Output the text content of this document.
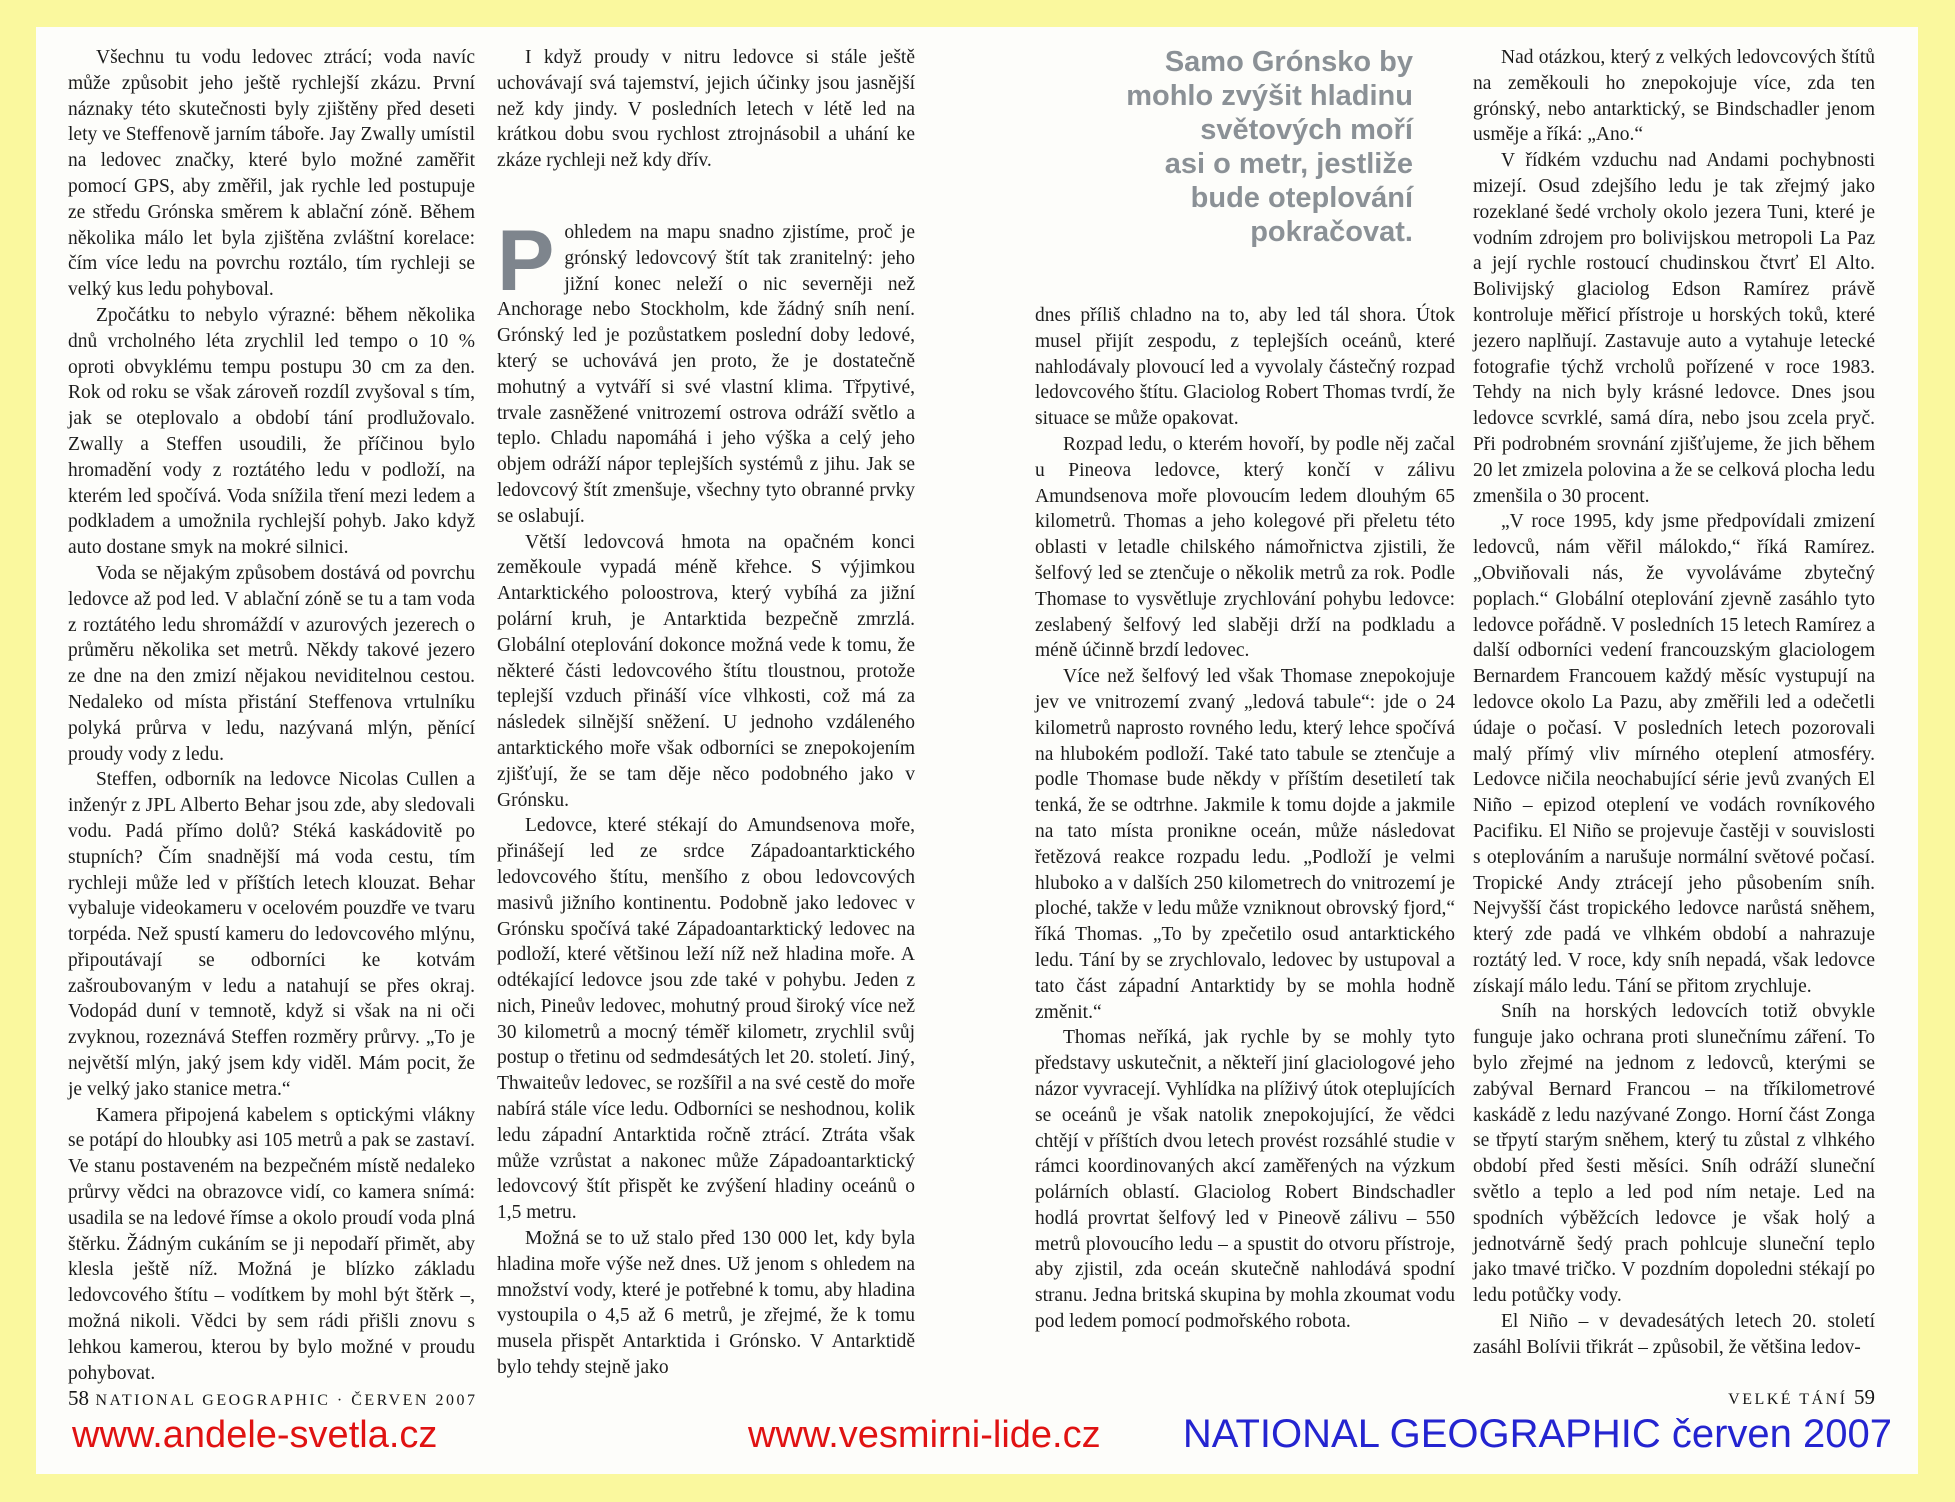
Všechnu tu vodu ledovec ztrácí; voda navíc může způsobit jeho ještě rychlejší zkázu. První náznaky této skutečnosti byly zjištěny před deseti lety ve Steffenově jarním táboře. Jay Zwally umístil na ledovec značky, které bylo možné zaměřit pomocí GPS, aby změřil, jak rychle led postupuje ze středu Grónska směrem k ablační zóně. Během několika málo let byla zjištěna zvláštní korelace: čím více ledu na povrchu roztálo, tím rychleji se velký kus ledu pohyboval.

Zpočátku to nebylo výrazné: během několika dnů vrcholného léta zrychlil led tempo o 10 % oproti obvyklému tempu postupu 30 cm za den. Rok od roku se však zároveň rozdíl zvyšoval s tím, jak se oteplovalo a období tání prodlužovalo. Zwally a Steffen usoudili, že příčinou bylo hromadění vody z roztátého ledu v podloží, na kterém led spočívá. Voda snížila tření mezi ledem a podkladem a umožnila rychlejší pohyb. Jako když auto dostane smyk na mokré silnici.

Voda se nějakým způsobem dostává od povrchu ledovce až pod led. V ablační zóně se tu a tam voda z roztátého ledu shromáždí v azurových jezerech o průměru několika set metrů. Někdy takové jezero ze dne na den zmizí nějakou neviditelnou cestou. Nedaleko od místa přistání Steffenova vrtulníku polyká průrva v ledu, nazývaná mlýn, pěnící proudy vody z ledu.

Steffen, odborník na ledovce Nicolas Cullen a inženýr z JPL Alberto Behar jsou zde, aby sledovali vodu. Padá přímo dolů? Stéká kaskádovitě po stupních? Čím snadnější má voda cestu, tím rychleji může led v příštích letech klouzat. Behar vybaluje videokameru v ocelovém pouzdře ve tvaru torpéda. Než spustí kameru do ledovcového mlýnu, připoutávají se odborníci ke kotvám zašroubovaným v ledu a natahují se přes okraj. Vodopád duní v temnotě, když si však na ni oči zvyknou, rozeznává Steffen rozměry průrvy. „To je největší mlýn, jaký jsem kdy viděl. Mám pocit, že je velký jako stanice metra.“

Kamera připojená kabelem s optickými vlákny se potápí do hloubky asi 105 metrů a pak se zastaví. Ve stanu postaveném na bezpečném místě nedaleko průrvy vědci na obrazovce vidí, co kamera snímá: usadila se na ledové římse a okolo proudí voda plná štěrku. Žádným cukáním se ji nepodaří přimět, aby klesla ještě níž. Možná je blízko základu ledovcového štítu – vodítkem by mohl být štěrk –, možná nikoli. Vědci by sem rádi přišli znovu s lehkou kamerou, kterou by bylo možné v proudu pohybovat.

I když proudy v nitru ledovce si stále ještě uchovávají svá tajemství, jejich účinky jsou jasnější než kdy jindy. V posledních letech v létě led na krátkou dobu svou rychlost ztrojnásobil a uhání ke zkáze rychleji než kdy dřív.

Pohledem na mapu snadno zjistíme, proč je grónský ledovcový štít tak zranitelný: jeho jižní konec neleží o nic severněji než Anchorage nebo Stockholm, kde žádný sníh není. Grónský led je pozůstatkem poslední doby ledové, který se uchovává jen proto, že je dostatečně mohutný a vytváří si své vlastní klima. Třpytivé, trvale zasněžené vnitrozemí ostrova odráží světlo a teplo. Chladu napomáhá i jeho výška a celý jeho objem odráží nápor teplejších systémů z jihu. Jak se ledovcový štít zmenšuje, všechny tyto obranné prvky se oslabují.

Větší ledovcová hmota na opačném konci zeměkoule vypadá méně křehce. S výjimkou Antarktického poloostrova, který vybíhá za jižní polární kruh, je Antarktida bezpečně zmrzlá. Globální oteplování dokonce možná vede k tomu, že některé části ledovcového štítu tloustnou, protože teplejší vzduch přináší více vlhkosti, což má za následek silnější sněžení. U jednoho vzdáleného antarktického moře však odborníci se znepokojením zjišťují, že se tam děje něco podobného jako v Grónsku.

Ledovce, které stékají do Amundsenova moře, přinášejí led ze srdce Západoantarktického ledovcového štítu, menšího z obou ledovcových masivů jižního kontinentu. Podobně jako ledovec v Grónsku spočívá také Západoantarktický ledovec na podloží, které většinou leží níž než hladina moře. A odtékající ledovce jsou zde také v pohybu. Jeden z nich, Pineův ledovec, mohutný proud široký více než 30 kilometrů a mocný téměř kilometr, zrychlil svůj postup o třetinu od sedmdesátých let 20. století. Jiný, Thwaiteův ledovec, se rozšířil a na své cestě do moře nabírá stále více ledu. Odborníci se neshodnou, kolik ledu západní Antarktida ročně ztrácí. Ztráta však může vzrůstat a nakonec může Západoantarktický ledovcový štít přispět ke zvýšení hladiny oceánů o 1,5 metru.

Možná se to už stalo před 130 000 let, kdy byla hladina moře výše než dnes. Už jenom s ohledem na množství vody, které je potřebné k tomu, aby hladina vystoupila o 4,5 až 6 metrů, je zřejmé, že k tomu musela přispět Antarktida i Grónsko. V Antarktidě bylo tehdy stejně jako

Samo Grónsko by
mohlo zvýšit hladinu
světových moří
asi o metr, jestliže
bude oteplování
pokračovat.

dnes příliš chladno na to, aby led tál shora. Útok musel přijít zespodu, z teplejších oceánů, které nahlodávaly plovoucí led a vyvolaly částečný rozpad ledovcového štítu. Glaciolog Robert Thomas tvrdí, že situace se může opakovat.

Rozpad ledu, o kterém hovoří, by podle něj začal u Pineova ledovce, který končí v zálivu Amundsenova moře plovoucím ledem dlouhým 65 kilometrů. Thomas a jeho kolegové při přeletu této oblasti v letadle chilského námořnictva zjistili, že šelfový led se ztenčuje o několik metrů za rok. Podle Thomase to vysvětluje zrychlování pohybu ledovce: zeslabený šelfový led slaběji drží na podkladu a méně účinně brzdí ledovec.

Více než šelfový led však Thomase znepokojuje jev ve vnitrozemí zvaný „ledová tabule“: jde o 24 kilometrů naprosto rovného ledu, který lehce spočívá na hlubokém podloží. Také tato tabule se ztenčuje a podle Thomase bude někdy v příštím desetiletí tak tenká, že se odtrhne. Jakmile k tomu dojde a jakmile na tato místa pronikne oceán, může následovat řetězová reakce rozpadu ledu. „Podloží je velmi hluboko a v dalších 250 kilometrech do vnitrozemí je ploché, takže v ledu může vzniknout obrovský fjord,“ říká Thomas. „To by zpečetilo osud antarktického ledu. Tání by se zrychlovalo, ledovec by ustupoval a tato část západní Antarktidy by se mohla hodně změnit.“

Thomas neříká, jak rychle by se mohly tyto představy uskutečnit, a někteří jiní glaciologové jeho názor vyvracejí. Vyhlídka na plíživý útok oteplujících se oceánů je však natolik znepokojující, že vědci chtějí v příštích dvou letech provést rozsáhlé studie v rámci koordinovaných akcí zaměřených na výzkum polárních oblastí. Glaciolog Robert Bindschadler hodlá provrtat šelfový led v Pineově zálivu – 550 metrů plovoucího ledu – a spustit do otvoru přístroje, aby zjistil, zda oceán skutečně nahlodává spodní stranu. Jedna britská skupina by mohla zkoumat vodu pod ledem pomocí podmořského robota.

Nad otázkou, který z velkých ledovcových štítů na zeměkouli ho znepokojuje více, zda ten grónský, nebo antarktický, se Bindschadler jenom usměje a říká: „Ano.“

V řídkém vzduchu nad Andami pochybnosti mizejí. Osud zdejšího ledu je tak zřejmý jako rozeklané šedé vrcholy okolo jezera Tuni, které je vodním zdrojem pro bolivijskou metropoli La Paz a její rychle rostoucí chudinskou čtvrť El Alto. Bolivijský glaciolog Edson Ramírez právě kontroluje měřicí přístroje u horských toků, které jezero naplňují. Zastavuje auto a vytahuje letecké fotografie týchž vrcholů pořízené v roce 1983. Tehdy na nich byly krásné ledovce. Dnes jsou ledovce scvrklé, samá díra, nebo jsou zcela pryč. Při podrobném srovnání zjišťujeme, že jich během 20 let zmizela polovina a že se celková plocha ledu zmenšila o 30 procent.

„V roce 1995, kdy jsme předpovídali zmizení ledovců, nám věřil málokdo,“ říká Ramírez. „Obviňovali nás, že vyvoláváme zbytečný poplach.“ Globální oteplování zjevně zasáhlo tyto ledovce pořádně. V posledních 15 letech Ramírez a další odborníci vedení francouzským glaciologem Bernardem Francouem každý měsíc vystupují na ledovce okolo La Pazu, aby změřili led a odečetli údaje o počasí. V posledních letech pozorovali malý přímý vliv mírného oteplení atmosféry. Ledovce ničila neochabující série jevů zvaných El Niño – epizod oteplení ve vodách rovníkového Pacifiku. El Niño se projevuje častěji v souvislosti s oteplováním a narušuje normální světové počasí. Tropické Andy ztrácejí jeho působením sníh. Nejvyšší část tropického ledovce narůstá sněhem, který zde padá ve vlhkém období a nahrazuje roztátý led. V roce, kdy sníh nepadá, však ledovce získají málo ledu. Tání se přitom zrychluje.

Sníh na horských ledovcích totiž obvykle funguje jako ochrana proti slunečnímu záření. To bylo zřejmé na jednom z ledovců, kterými se zabýval Bernard Francou – na tříkilometrové kaskádě z ledu nazývané Zongo. Horní část Zonga se třpytí starým sněhem, který tu zůstal z vlhkého období před šesti měsíci. Sníh odráží sluneční světlo a teplo a led pod ním netaje. Led na spodních výběžcích ledovce je však holý a jednotvárně šedý prach pohlcuje sluneční teplo jako tmavé tričko. V pozdním dopoledni stékají po ledu potůčky vody.

El Niño – v devadesátých letech 20. století zasáhl Bolívii třikrát – způsobil, že většina ledov-

58 NATIONAL GEOGRAPHIC · ČERVEN 2007	VELKÉ TÁNÍ 59
www.andele-svetla.cz	www.vesmirni-lide.cz NATIONAL GEOGRAPHIC červen 2007
